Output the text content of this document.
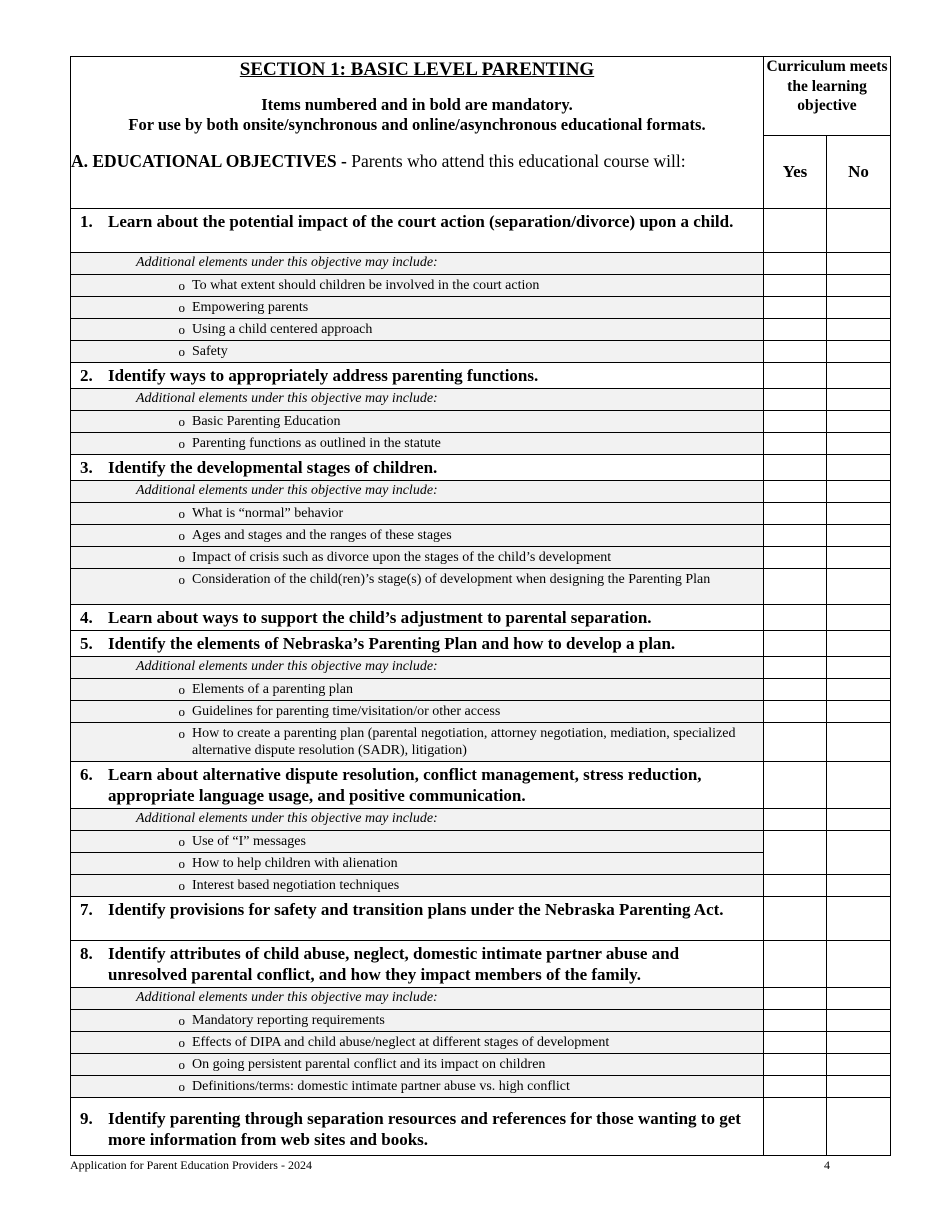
SECTION 1: BASIC LEVEL PARENTING
Items numbered and in bold are mandatory.
For use by both onsite/synchronous and online/asynchronous educational formats.
A. EDUCATIONAL OBJECTIVES - Parents who attend this educational course will:	Curriculum meets the learning objective	
	Yes	No

1. Learn about the potential impact of the court action (separation/divorce) upon a child.		

Additional elements under this objective may include:		

o To what extent should children be involved in the court action		

o Empowering parents		

o Using a child centered approach		

o Safety		

2. Identify ways to appropriately address parenting functions.		

Additional elements under this objective may include:		

o Basic Parenting Education		

o Parenting functions as outlined in the statute		

3. Identify the developmental stages of children.		

Additional elements under this objective may include:		

o What is “normal” behavior		

o Ages and stages and the ranges of these stages		

o Impact of crisis such as divorce upon the stages of the child’s development		

o Consideration of the child(ren)’s stage(s) of development when designing the Parenting Plan		

4. Learn about ways to support the child’s adjustment to parental separation.		

5. Identify the elements of Nebraska’s Parenting Plan and how to develop a plan.		

Additional elements under this objective may include:		

o Elements of a parenting plan		

o Guidelines for parenting time/visitation/or other access		

o How to create a parenting plan (parental negotiation, attorney negotiation, mediation, specialized alternative dispute resolution (SADR), litigation)		

6. Learn about alternative dispute resolution, conflict management, stress reduction, appropriate language usage, and positive communication.		

Additional elements under this objective may include:		

o Use of “I” messages		

o How to help children with alienation		

o Interest based negotiation techniques		

7. Identify provisions for safety and transition plans under the Nebraska Parenting Act.		

8. Identify attributes of child abuse, neglect, domestic intimate partner abuse and unresolved parental conflict, and how they impact members of the family.		

Additional elements under this objective may include:		

o Mandatory reporting requirements		

o Effects of DIPA and child abuse/neglect at different stages of development		

o On going persistent parental conflict and its impact on children		

o Definitions/terms: domestic intimate partner abuse vs. high conflict		

9. Identify parenting through separation resources and references for those wanting to get more information from web sites and books.		

Application for Parent Education Providers - 2024	4
